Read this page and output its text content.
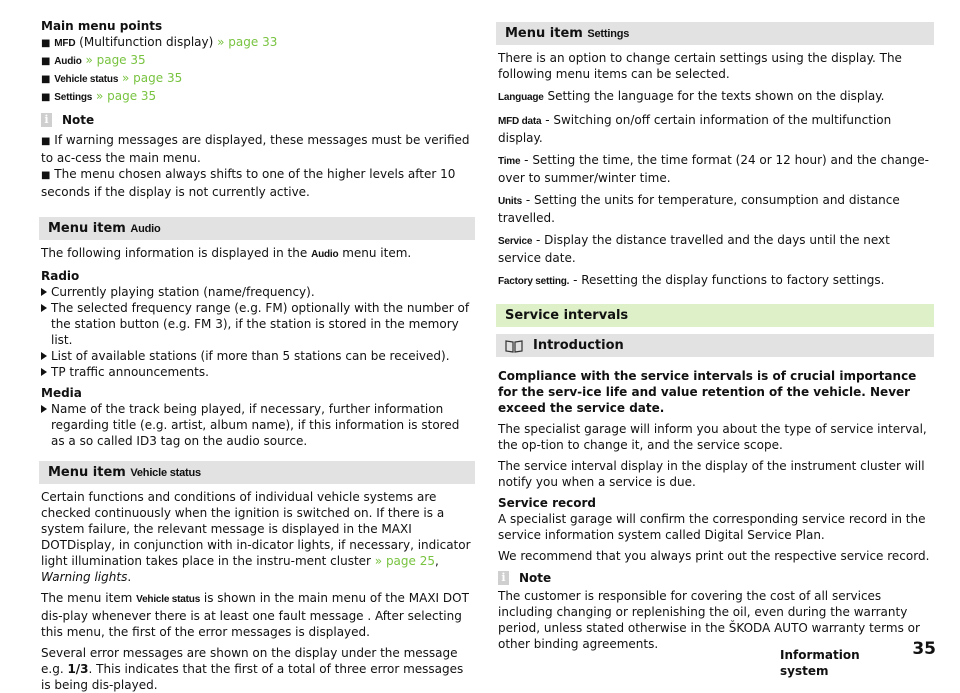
Main menu points

■ MFD (Multifunction display) » page 33

■ Audio » page 35

■ Vehicle status » page 35

■ Settings » page 35

i Note

■ If warning messages are displayed, these messages must be verified to ac-cess the main menu.

■ The menu chosen always shifts to one of the higher levels after 10 seconds if the display is not currently active.

Menu item Audio

The following information is displayed in the Audio menu item.

Radio

Currently playing station (name/frequency).
The selected frequency range (e.g. FM) optionally with the number of the station button (e.g. FM 3), if the station is stored in the memory list.
List of available stations (if more than 5 stations can be received).
TP traffic announcements.

Media

Name of the track being played, if necessary, further information regarding title (e.g. artist, album name), if this information is stored as a so called ID3 tag on the audio source.
Menu item Vehicle status

Certain functions and conditions of individual vehicle systems are checked continuously when the ignition is switched on. If there is a system failure, the relevant message is displayed in the MAXI DOTDisplay, in conjunction with in-dicator lights, if necessary, indicator light illumination takes place in the instru-ment cluster » page 25, Warning lights.

The menu item Vehicle status is shown in the main menu of the MAXI DOT dis-play whenever there is at least one fault message . After selecting this menu, the first of the error messages is displayed.

Several error messages are shown on the display under the message e.g. 1/3. This indicates that the first of a total of three error messages is being dis-played.

Menu item Settings

There is an option to change certain settings using the display. The following menu items can be selected.

Language Setting the language for the texts shown on the display.

MFD data - Switching on/off certain information of the multifunction display.

Time - Setting the time, the time format (24 or 12 hour) and the change-over to summer/winter time.

Units - Setting the units for temperature, consumption and distance travelled.

Service - Display the distance travelled and the days until the next service date.

Factory setting. - Resetting the display functions to factory settings.

Service intervals
Introduction

Compliance with the service intervals is of crucial importance for the serv-ice life and value retention of the vehicle. Never exceed the service date.

The specialist garage will inform you about the type of service interval, the op-tion to change it, and the service scope.

The service interval display in the display of the instrument cluster will notify you when a service is due.

Service record

A specialist garage will confirm the corresponding service record in the service information system called Digital Service Plan.

We recommend that you always print out the respective service record.

i Note

The customer is responsible for covering the cost of all services including changing or replenishing the oil, even during the warranty period, unless stated otherwise in the ŠKODA AUTO warranty terms or other binding agreements.

Information system
35
